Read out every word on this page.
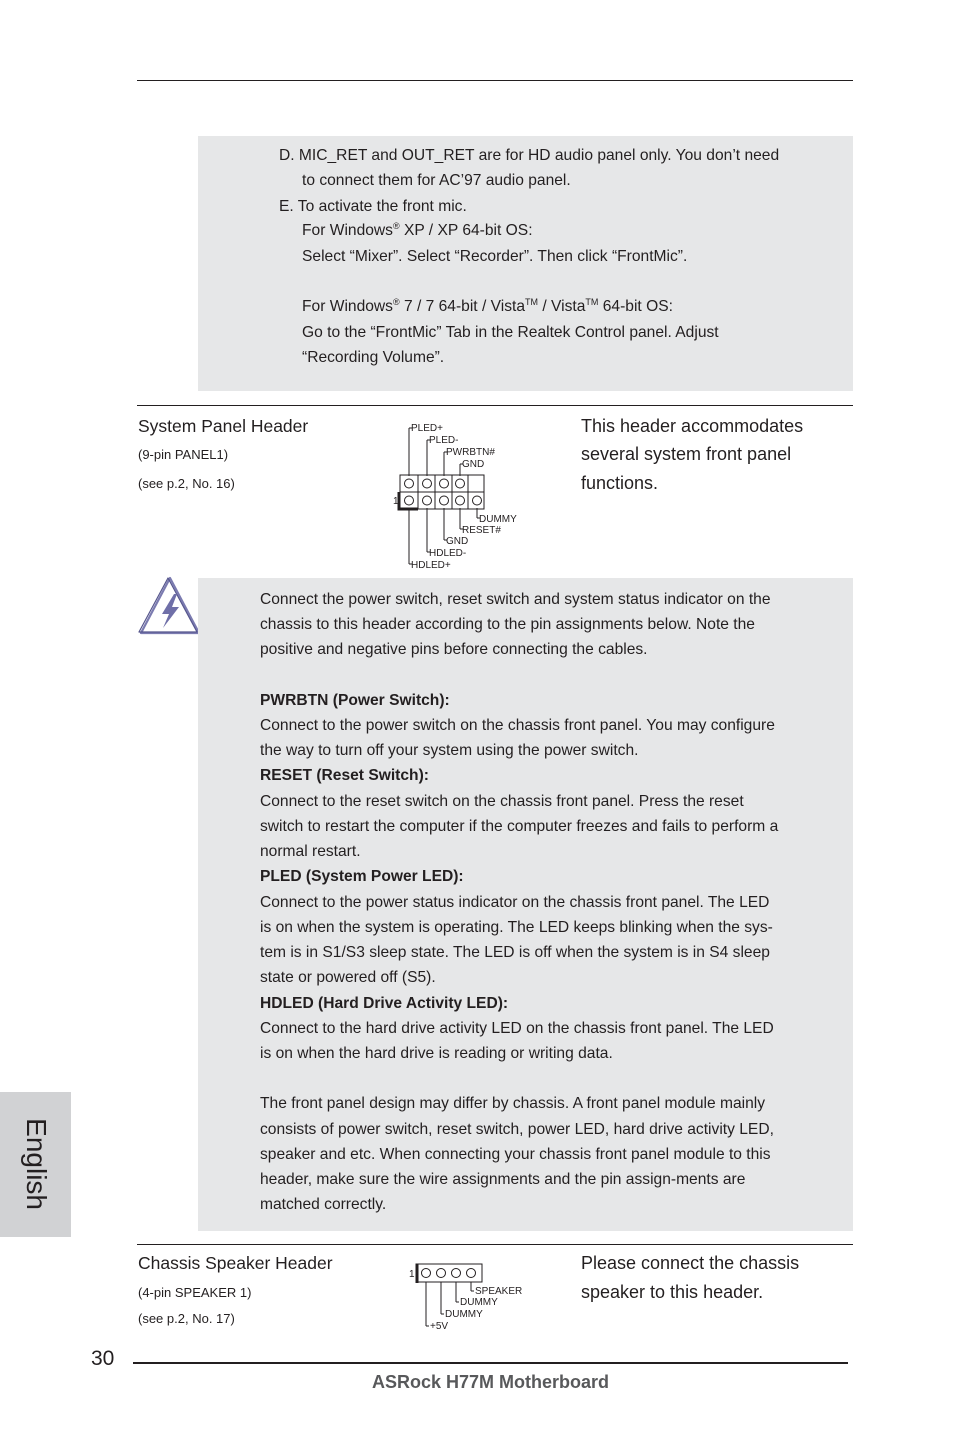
D. MIC_RET and OUT_RET are for HD audio panel only. You don’t need
to connect them for AC’97 audio panel.
E. To activate the front mic.
For Windows® XP / XP 64-bit OS:
Select “Mixer”. Select “Recorder”. Then click “FrontMic”.
For Windows® 7 / 7 64-bit / Vista™ / Vista™ 64-bit OS:
Go to the “FrontMic” Tab in the Realtek Control panel. Adjust
“Recording Volume”.
System Panel Header
(9-pin PANEL1)
(see p.2, No. 16)
This header accommodates
several system front panel
functions.
1
PLED+
PLED-
PWRBTN#
GND
DUMMY
RESET#
GND
HDLED-
HDLED+
Connect the power switch, reset switch and system status indicator on the
chassis to this header according to the pin assignments below. Note the
positive and negative pins before connecting the cables.
PWRBTN (Power Switch):
Connect to the power switch on the chassis front panel. You may configure
the way to turn off your system using the power switch.
RESET (Reset Switch):
Connect to the reset switch on the chassis front panel. Press the reset
switch to restart the computer if the computer freezes and fails to perform a
normal restart.
PLED (System Power LED):
Connect to the power status indicator on the chassis front panel. The LED
is on when the system is operating. The LED keeps blinking when the sys-
tem is in S1/S3 sleep state. The LED is off when the system is in S4 sleep
state or powered off (S5).
HDLED (Hard Drive Activity LED):
Connect to the hard drive activity LED on the chassis front panel. The LED
is on when the hard drive is reading or writing data.
The front panel design may differ by chassis. A front panel module mainly
consists of power switch, reset switch, power LED, hard drive activity LED,
speaker and etc. When connecting your chassis front panel module to this
header, make sure the wire assignments and the pin assign-ments are
matched correctly.
English
Chassis Speaker Header
(4-pin SPEAKER 1)
(see p.2, No. 17)
Please connect the chassis
speaker to this header.
1
SPEAKER
DUMMY
DUMMY
+5V
30
ASRock H77M Motherboard
